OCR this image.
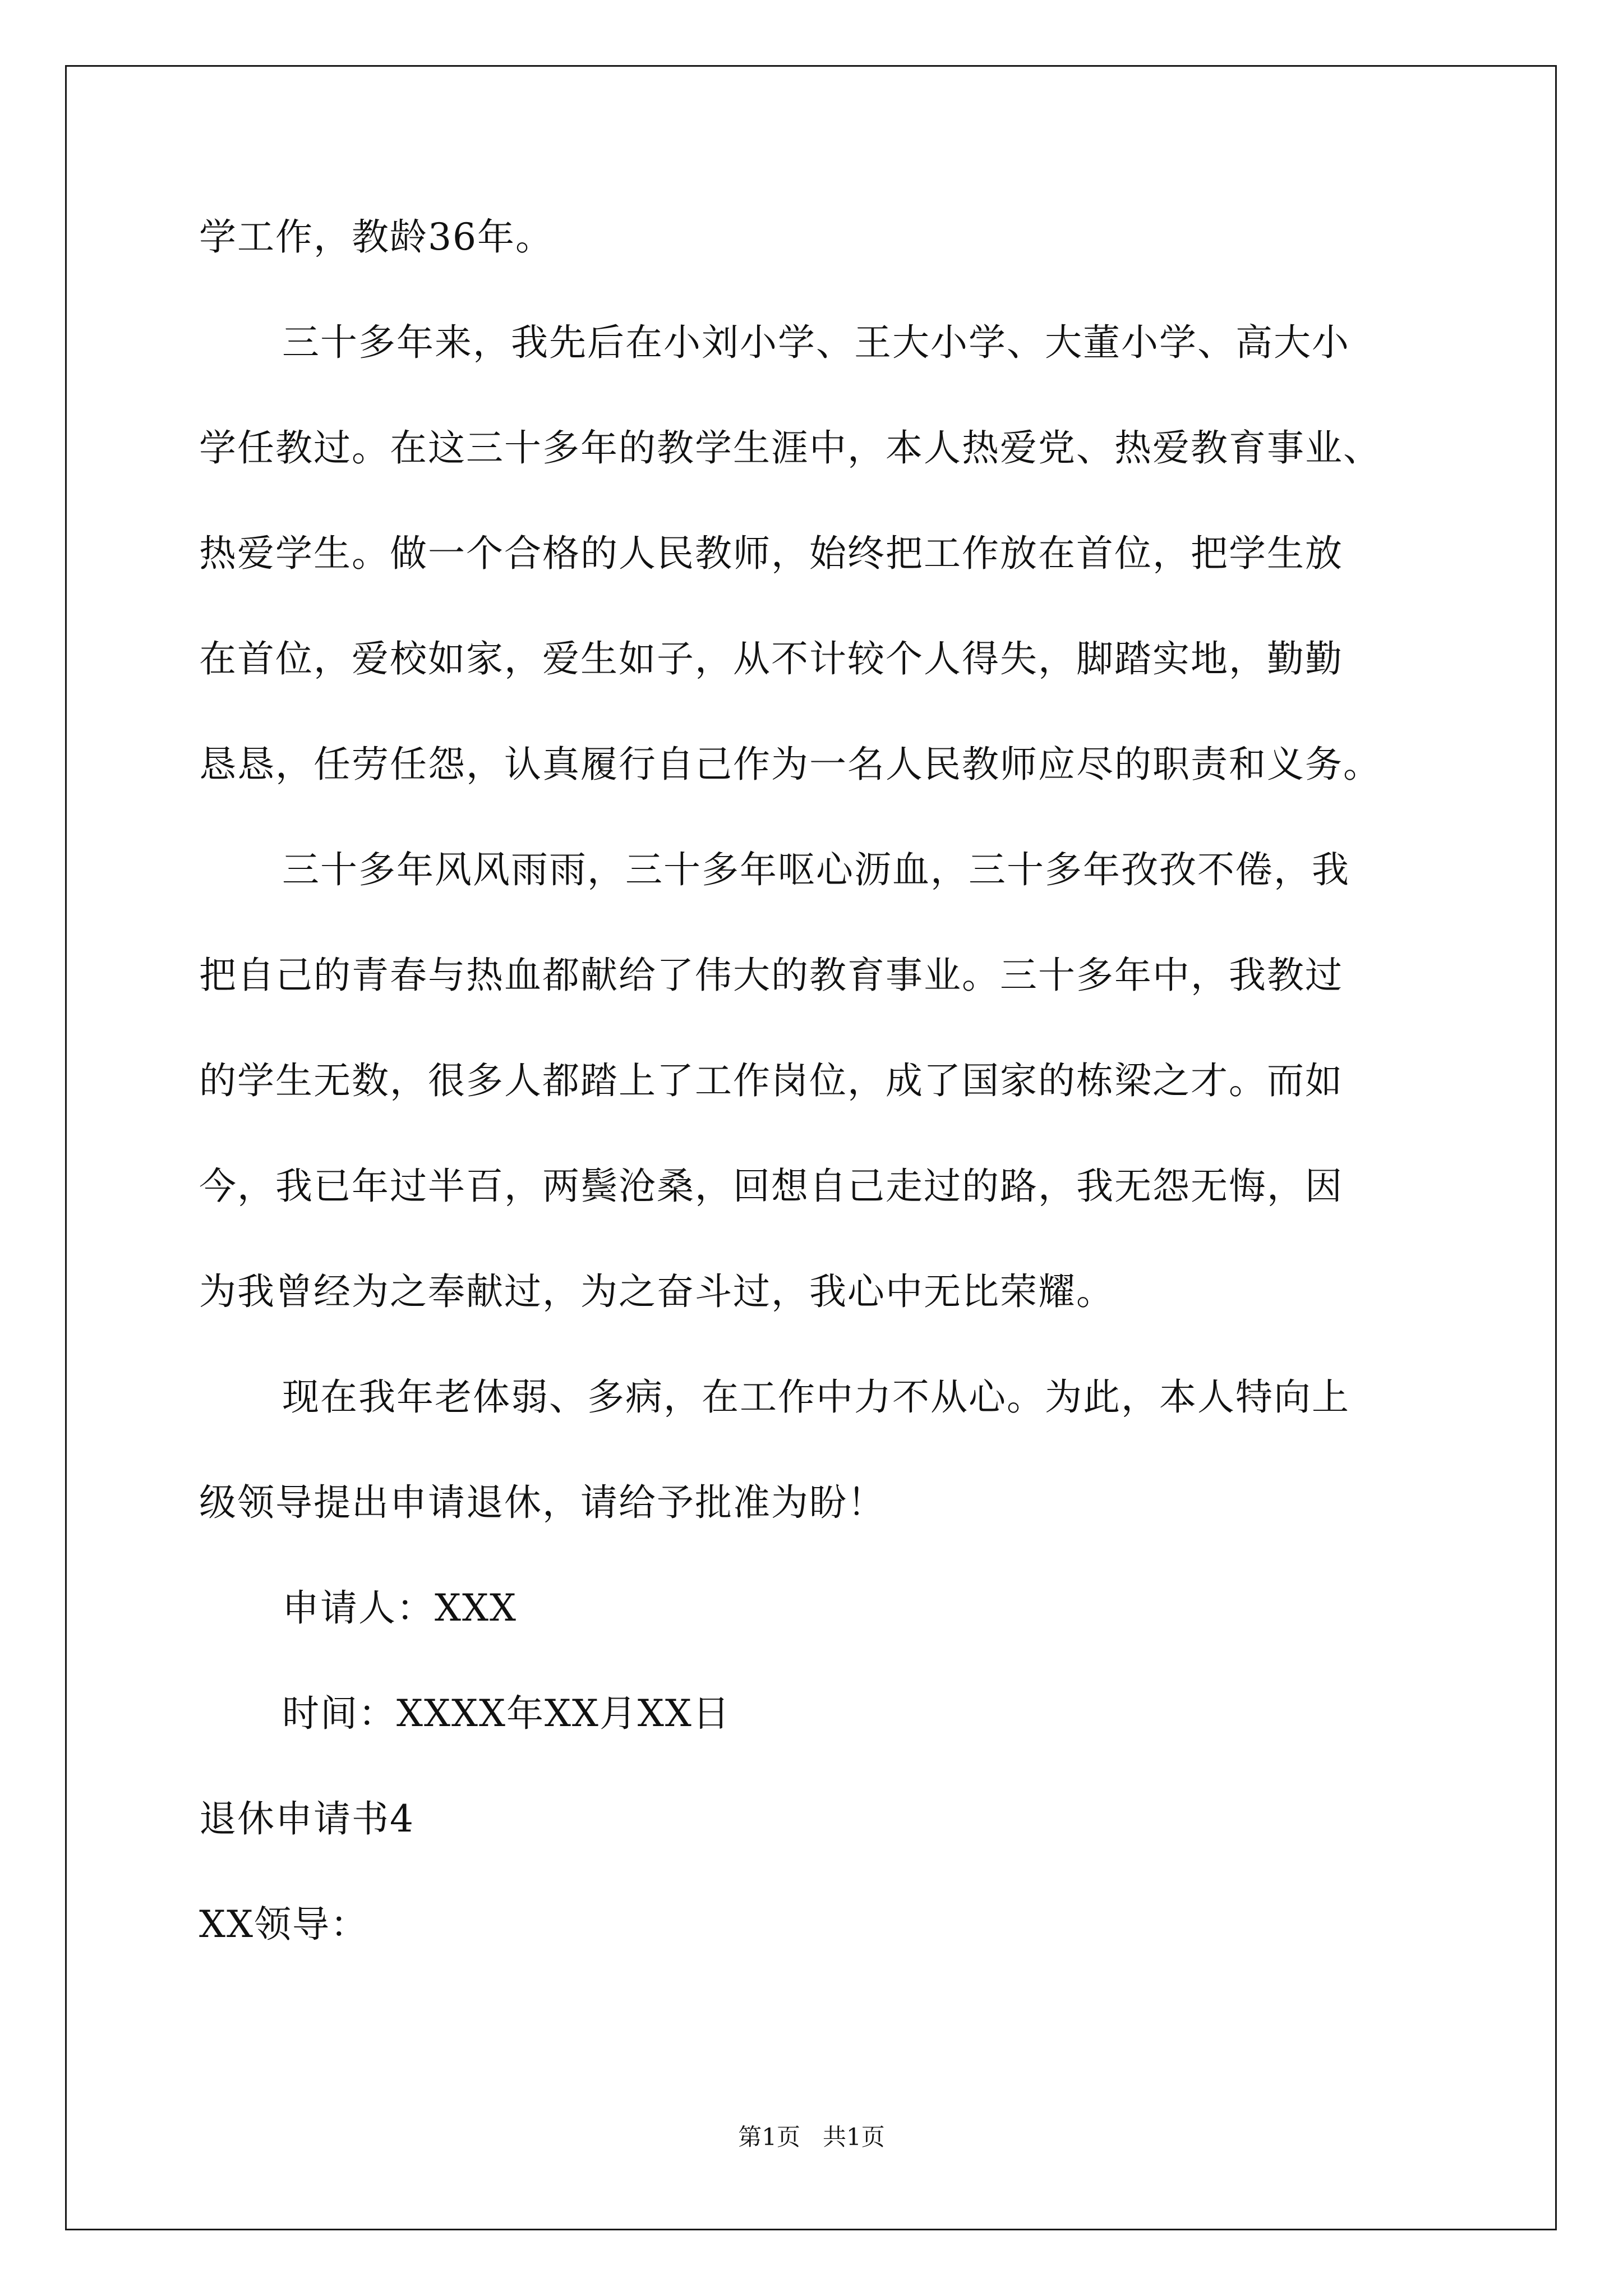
学工作，教龄36年。
三十多年来，我先后在小刘小学、王大小学、大董小学、高大小
学任教过。在这三十多年的教学生涯中，本人热爱党、热爱教育事业、
热爱学生。做一个合格的人民教师，始终把工作放在首位，把学生放
在首位，爱校如家，爱生如子，从不计较个人得失，脚踏实地，勤勤
恳恳，任劳任怨，认真履行自己作为一名人民教师应尽的职责和义务。
三十多年风风雨雨，三十多年呕心沥血，三十多年孜孜不倦，我
把自己的青春与热血都献给了伟大的教育事业。三十多年中，我教过
的学生无数，很多人都踏上了工作岗位，成了国家的栋梁之才。而如
今，我已年过半百，两鬓沧桑，回想自己走过的路，我无怨无悔，因
为我曾经为之奉献过，为之奋斗过，我心中无比荣耀。
现在我年老体弱、多病，在工作中力不从心。为此，本人特向上
级领导提出申请退休，请给予批准为盼！
申请人：XXX
时间：XXXX年XX月XX日
退休申请书4
XX领导：
第1页   共1页
